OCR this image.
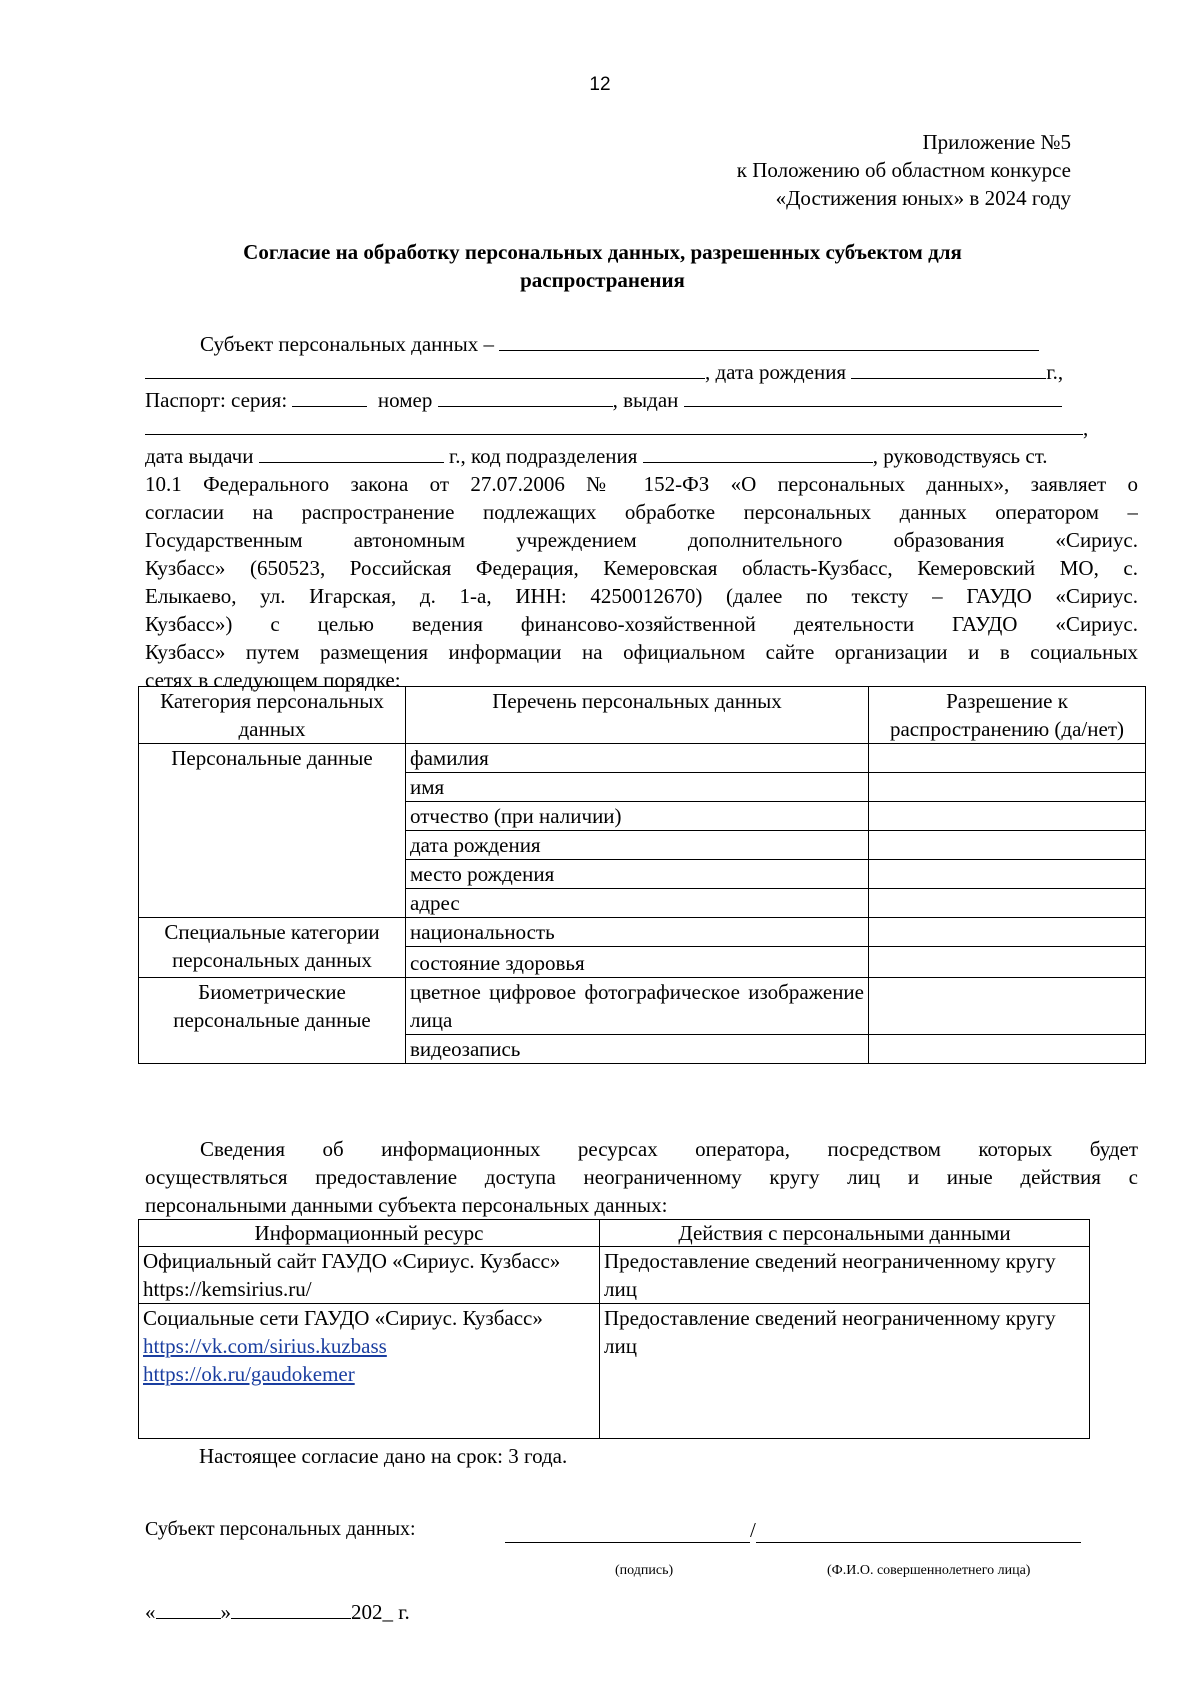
12
Приложение №5
к Положению об областном конкурсе
«Достижения юных» в 2024 году
Согласие на обработку персональных данных, разрешенных субъектом для
распространения
Субъект персональных данных –
, дата рождения	г.,
Паспорт: серия:	номер	, выдан
,
дата выдачи	г., код подразделения	, руководствуясь ст.
10.1 Федерального закона от 27.07.2006 № 152-ФЗ «О персональных данных», заявляет о
согласии на распространение подлежащих обработке персональных данных оператором –
Государственным автономным учреждением дополнительного образования «Сириус.
Кузбасс» (650523, Российская Федерация, Кемеровская область-Кузбасс, Кемеровский МО, с.
Елыкаево, ул. Игарская, д. 1-а, ИНН: 4250012670) (далее по тексту – ГАУДО «Сириус.
Кузбасс») с целью ведения финансово-хозяйственной деятельности ГАУДО «Сириус.
Кузбасс» путем размещения информации на официальном сайте организации и в социальных
сетях в следующем порядке:
Категория персональных данных	Перечень персональных данных	Разрешение к распространению (да/нет)
Персональные данные	фамилия	
	имя	
	отчество (при наличии)	
	дата рождения	
	место рождения	
	адрес	
Специальные категории персональных данных	национальность	
	состояние здоровья	
Биометрические персональные данные	цветное цифровое фотографическое изображение лица	
	видеозапись	
Сведения об информационных ресурсах оператора, посредством которых будет
осуществляться предоставление доступа неограниченному кругу лиц и иные действия с
персональными данными субъекта персональных данных:
Информационный ресурс	Действия с персональными данными
Официальный сайт ГАУДО «Сириус. Кузбасс» https://kemsirius.ru/	Предоставление сведений неограниченному кругу лиц

Социальные сети ГАУДО «Сириус. Кузбасс»
https://vk.com/sirius.kuzbass
https://ok.ru/gaudokemer	Предоставление сведений неограниченному кругу лиц
Настоящее согласие дано на срок: 3 года.
Субъект персональных данных:	/
(подпись)	(Ф.И.О. совершеннолетнего лица)
«	»	202_ г.
